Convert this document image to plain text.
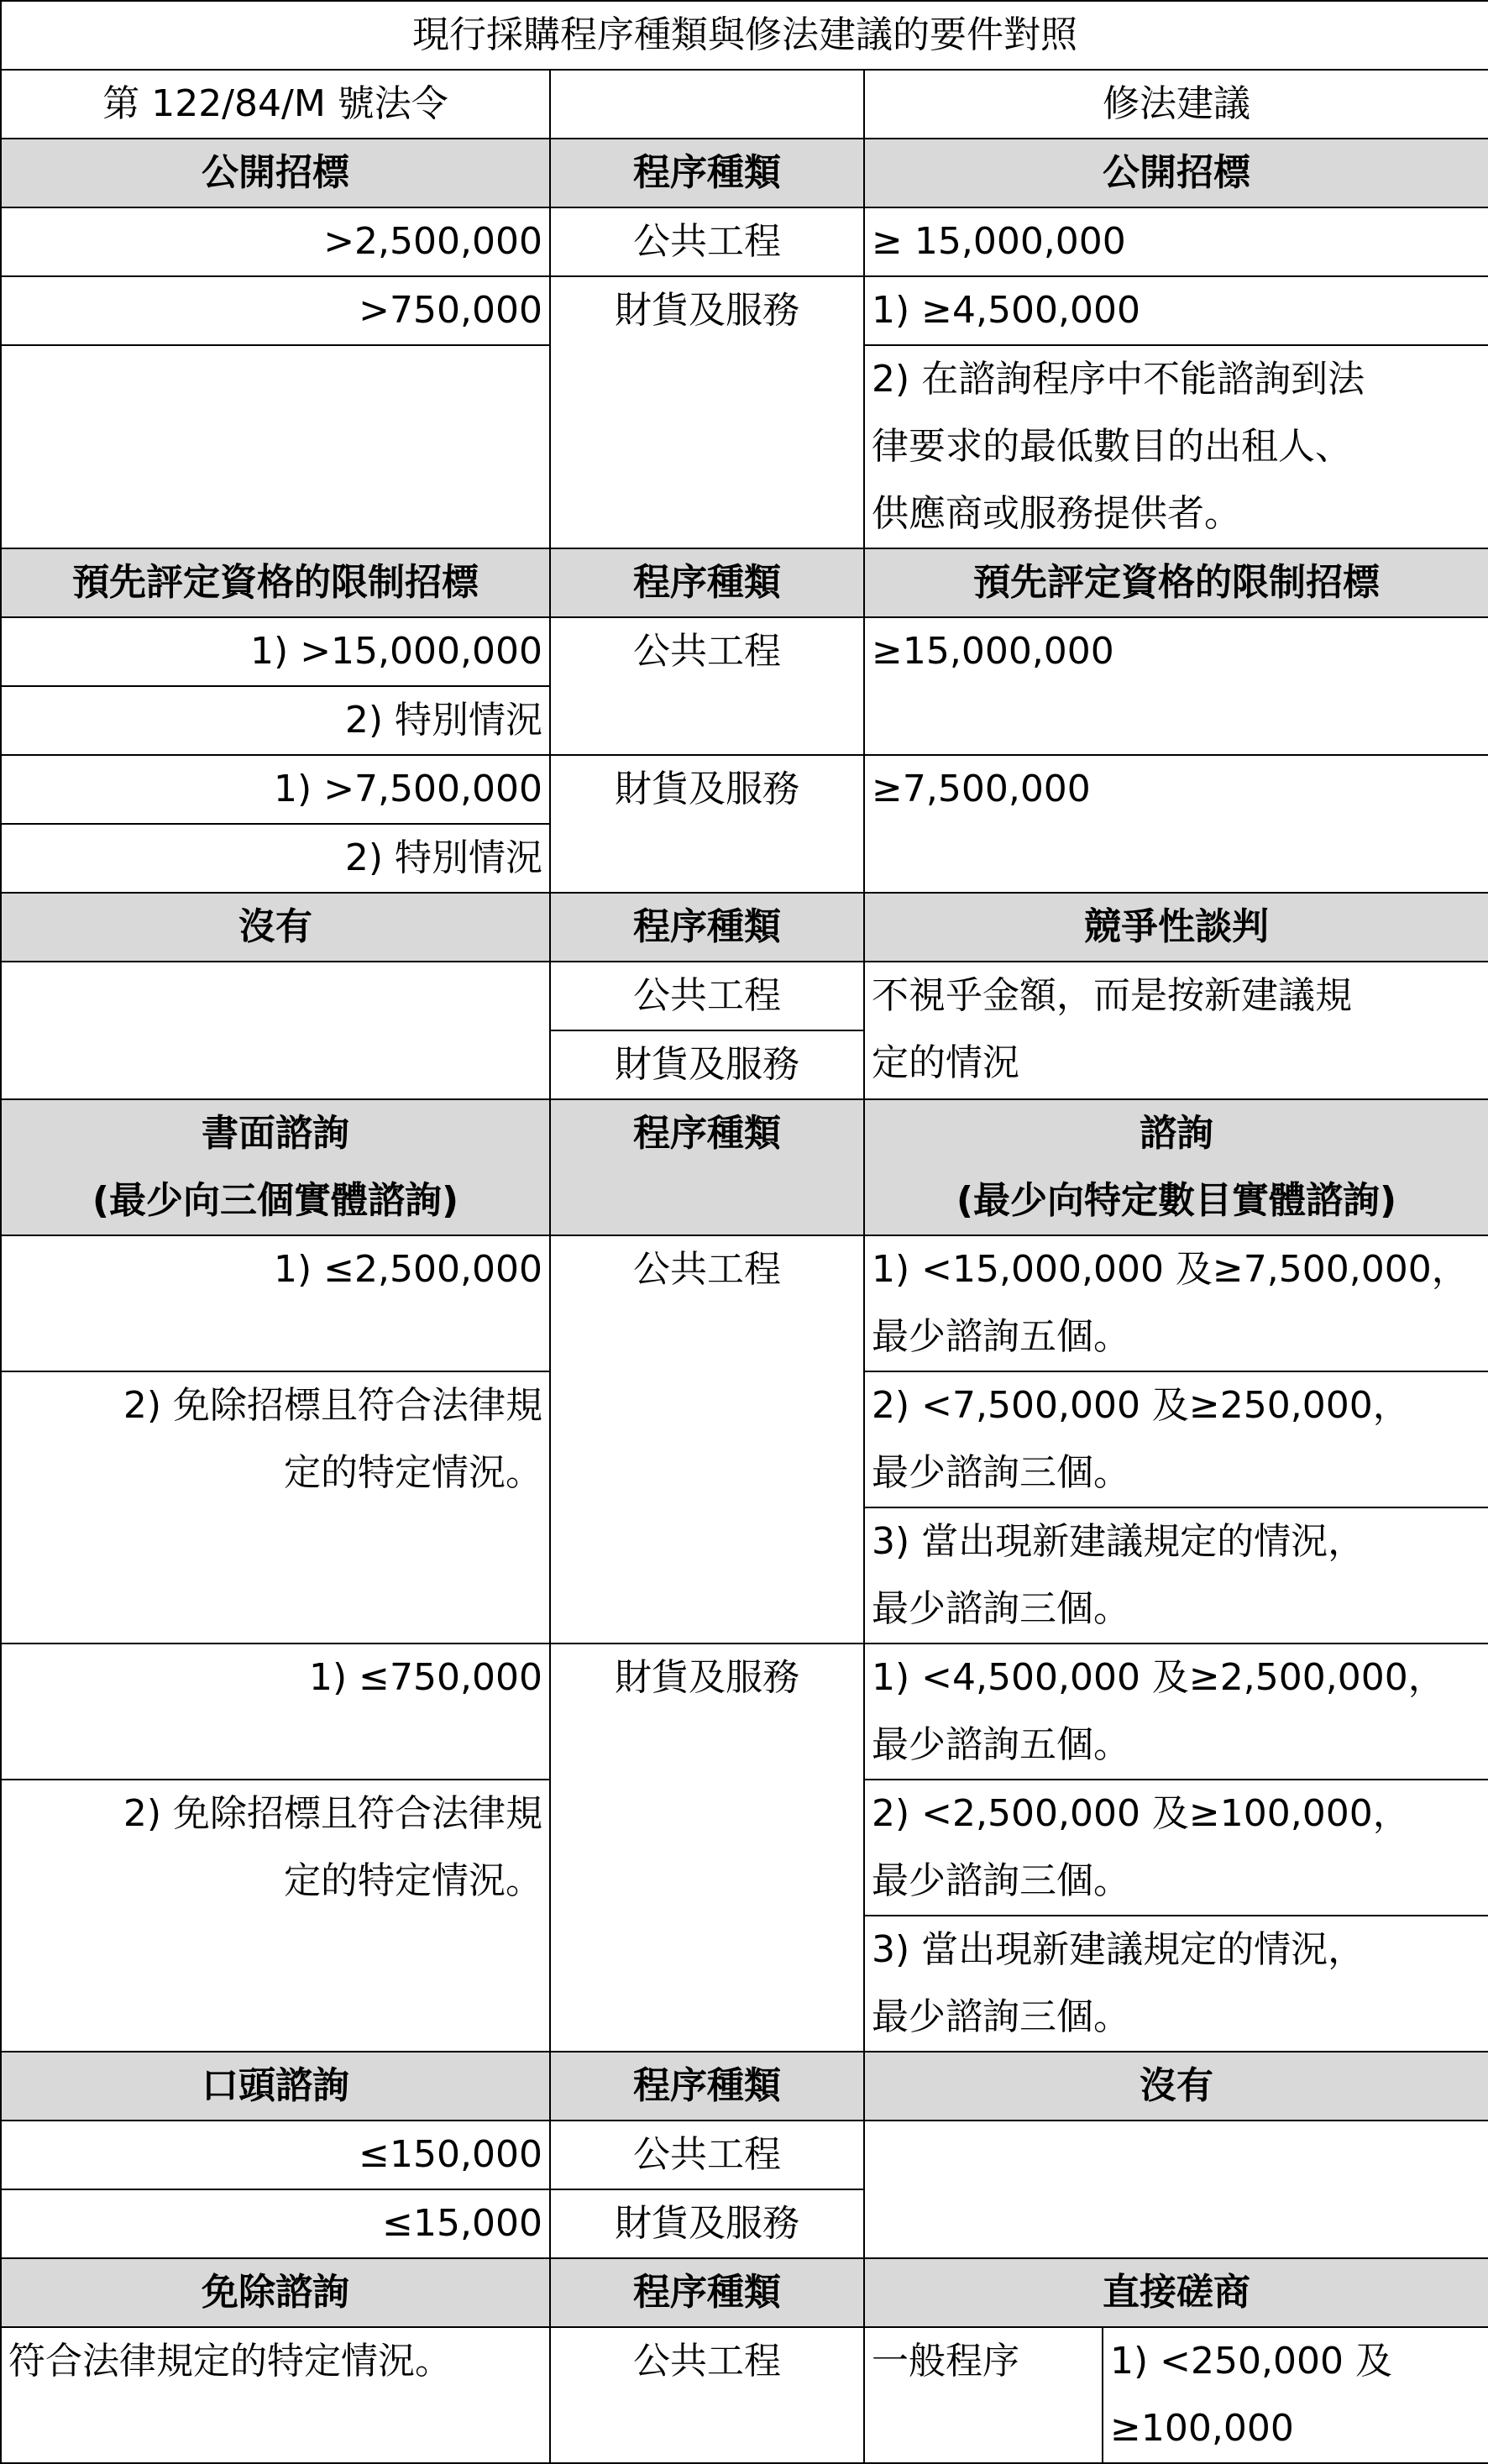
現行採購程序種類與修法建議的要件對照			
第 122/84/M 號法令		修法建議	
公開招標	程序種類	公開招標	
>2,500,000	公共工程	≥ 15,000,000	
>750,000	財貨及服務	1) ≥4,500,000	

		2) 在諮詢程序中不能諮詢到法
律要求的最低數目的出租人、
供應商或服務提供者。	

預先評定資格的限制招標	程序種類	預先評定資格的限制招標	
1) >15,000,000	公共工程	≥15,000,000	
2) 特別情況			
1) >7,500,000	財貨及服務	≥7,500,000	
2) 特別情況			
沒有	程序種類	競爭性談判	
	公共工程	不視乎金額，而是按新建議規
定的情況	

	財貨及服務		

書面諮詢
(最少向三個實體諮詢)	程序種類	諮詢
(最少向特定數目實體諮詢)	

1) ≤2,500,000	公共工程	1) <15,000,000 及≥7,500,000，
最少諮詢五個。	

2) 免除招標且符合法律規
定的特定情況。		2) <7,500,000 及≥250,000，
最少諮詢三個。	

		3) 當出現新建議規定的情況，
最少諮詢三個。	

1) ≤750,000	財貨及服務	1) <4,500,000 及≥2,500,000，
最少諮詢五個。	

2) 免除招標且符合法律規
定的特定情況。		2) <2,500,000 及≥100,000，
最少諮詢三個。	

		3) 當出現新建議規定的情況，
最少諮詢三個。	

口頭諮詢	程序種類	沒有	
≤150,000	公共工程		
≤15,000	財貨及服務		
免除諮詢	程序種類	直接磋商	
符合法律規定的特定情況。	公共工程	一般程序	1) <250,000 及
≥100,000
